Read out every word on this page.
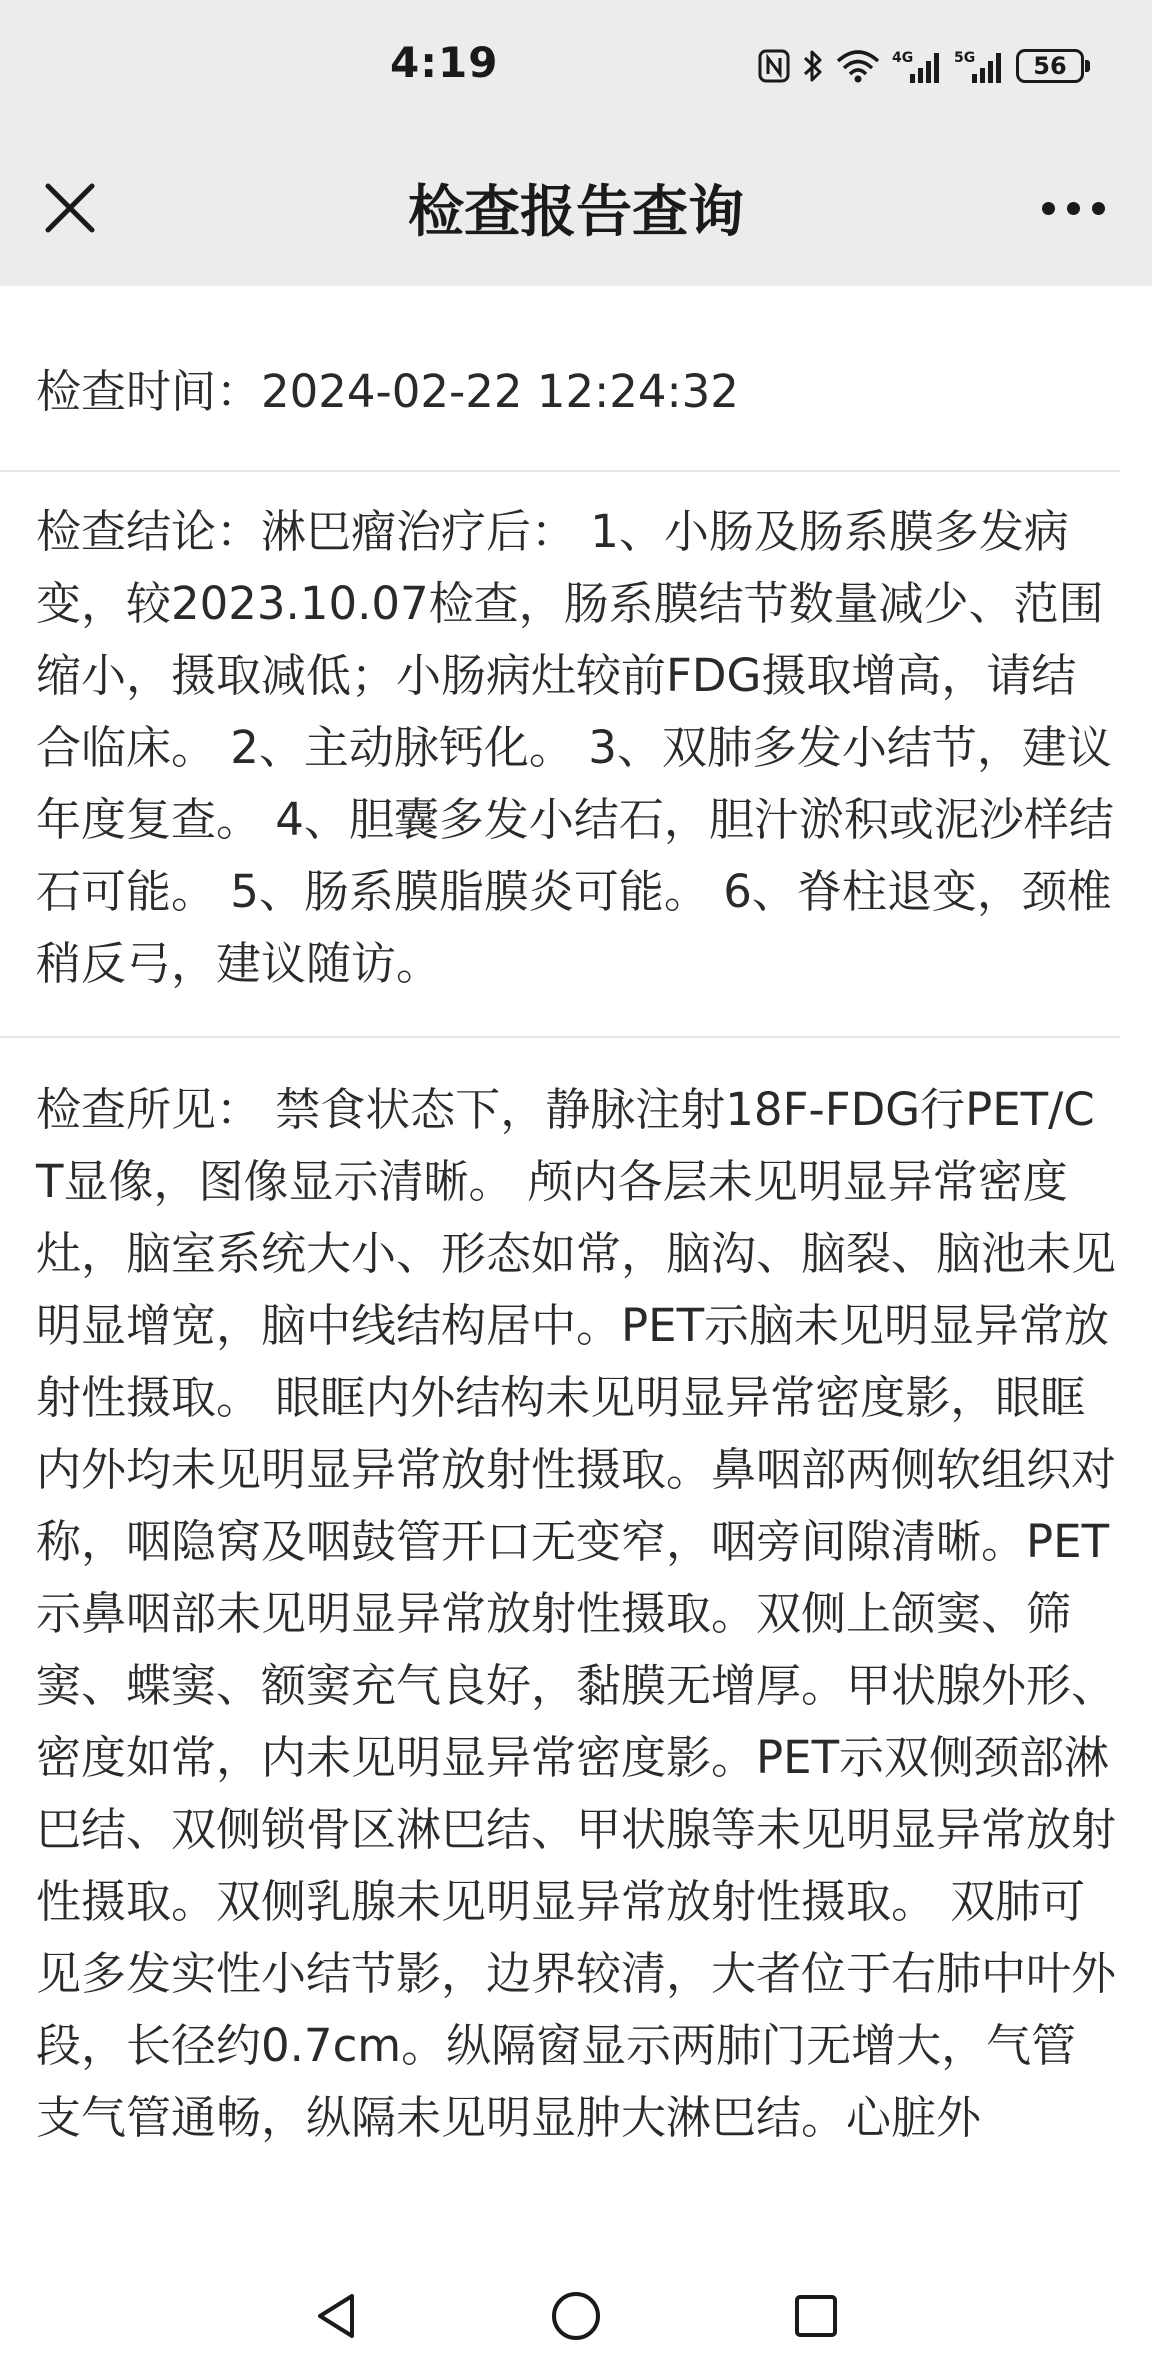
4:19	4G	5G 56
检查报告查询

检查时间：2024-02-22 12:24:32

检查结论：淋巴瘤治疗后： 1、小肠及肠系膜多发病变，较2023.10.07检查，肠系膜结节数量减少、范围缩小，摄取减低；小肠病灶较前FDG摄取增高，请结合临床。 2、主动脉钙化。 3、双肺多发小结节，建议年度复查。 4、胆囊多发小结石，胆汁淤积或泥沙样结石可能。 5、肠系膜脂膜炎可能。 6、脊柱退变，颈椎稍反弓，建议随访。

检查所见： 禁食状态下，静脉注射18F-FDG行PET/CT显像，图像显示清晰。 颅内各层未见明显异常密度灶，脑室系统大小、形态如常，脑沟、脑裂、脑池未见明显增宽，脑中线结构居中。PET示脑未见明显异常放射性摄取。 眼眶内外结构未见明显异常密度影，眼眶内外均未见明显异常放射性摄取。鼻咽部两侧软组织对称，咽隐窝及咽鼓管开口无变窄，咽旁间隙清晰。PET示鼻咽部未见明显异常放射性摄取。双侧上颌窦、筛窦、蝶窦、额窦充气良好，黏膜无增厚。甲状腺外形、密度如常，内未见明显异常密度影。PET示双侧颈部淋巴结、双侧锁骨区淋巴结、甲状腺等未见明显异常放射性摄取。双侧乳腺未见明显异常放射性摄取。 双肺可见多发实性小结节影，边界较清，大者位于右肺中叶外段，长径约0.7cm。纵隔窗显示两肺门无增大，气管支气管通畅，纵隔未见明显肿大淋巴结。心脏外
